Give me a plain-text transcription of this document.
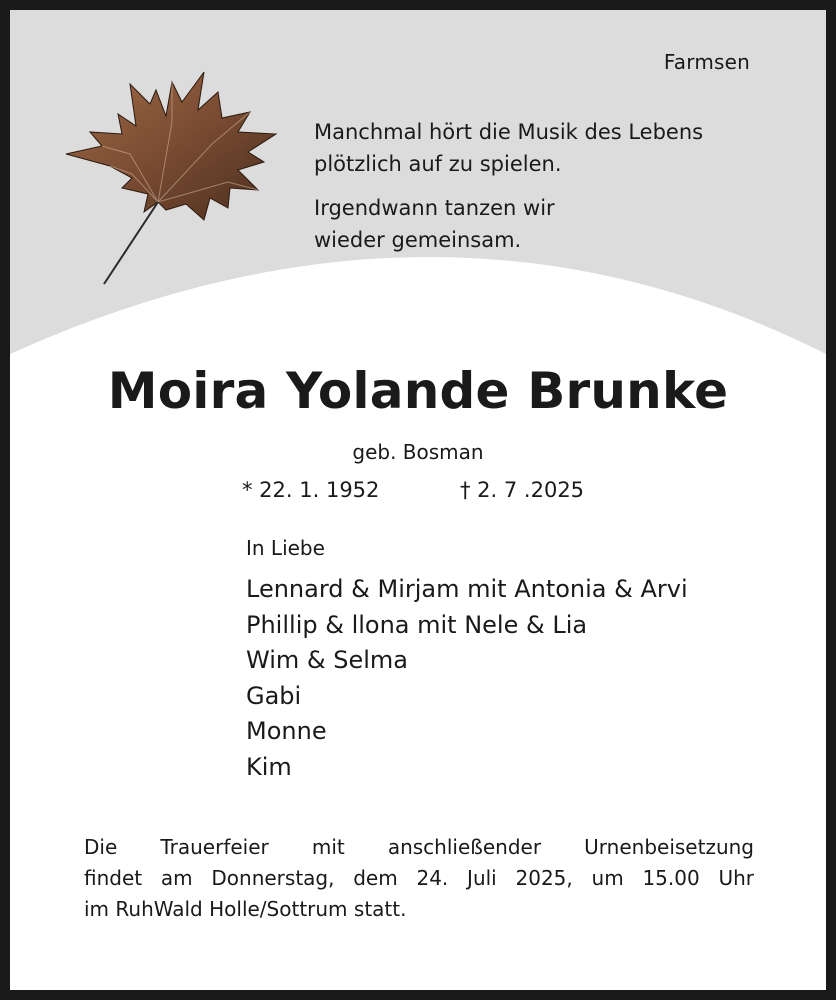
Farmsen

Manchmal hört die Musik des Lebens
plötzlich auf zu spielen.

Irgendwann tanzen wir
wieder gemeinsam.

Moira Yolande Brunke
geb. Bosman
* 22. 1. 1952	† 2. 7 .2025
In Liebe
Lennard & Mirjam mit Antonia & Arvi
Phillip & llona mit Nele & Lia
Wim & Selma
Gabi
Monne
Kim
Die Trauerfeier mit anschließender Urnenbeisetzung
findet am Donnerstag, dem 24. Juli 2025, um 15.00 Uhr
im RuhWald Holle/Sottrum statt.
